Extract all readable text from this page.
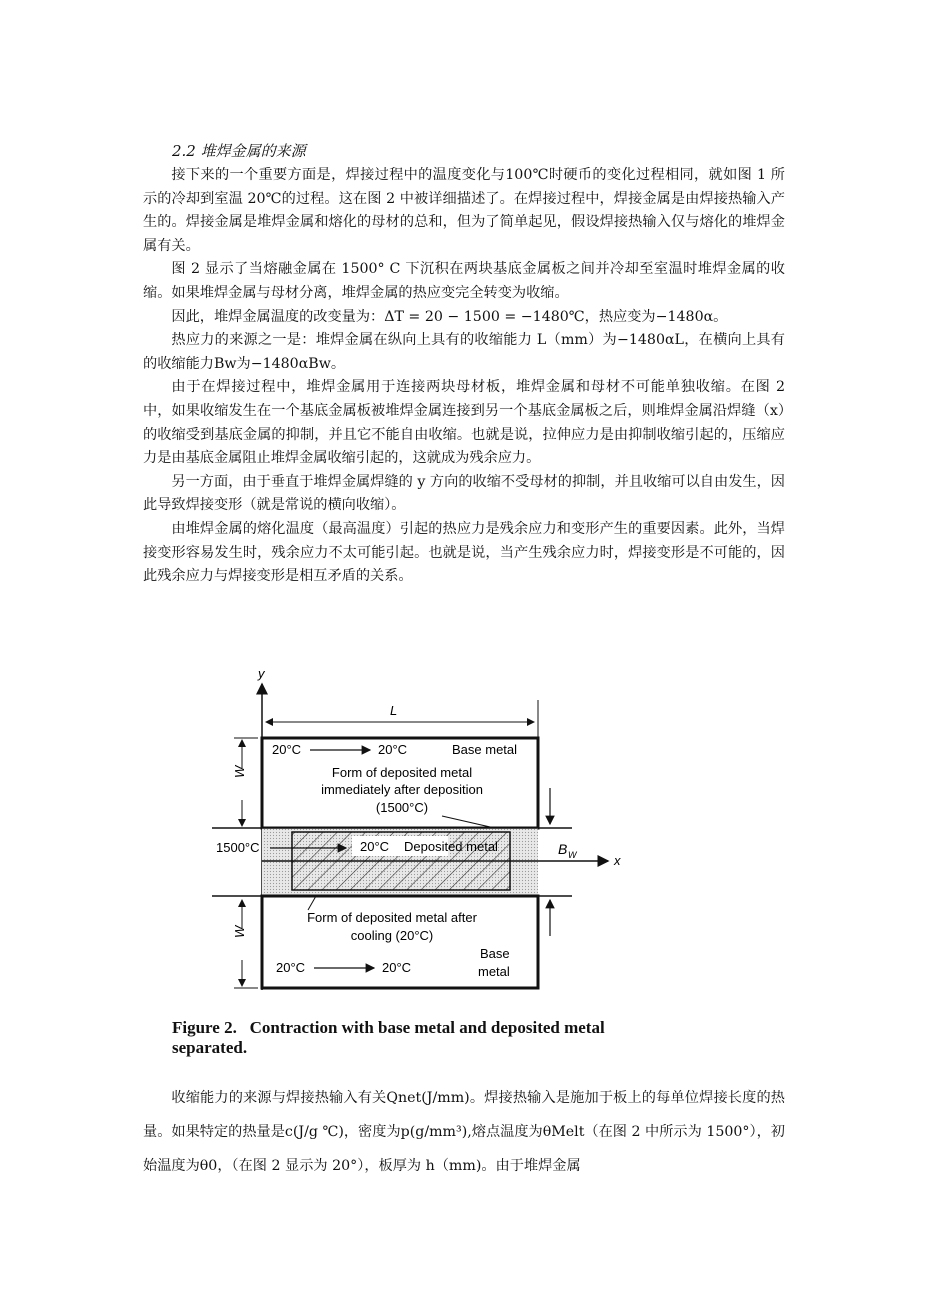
2.2 堆焊金属的来源

接下来的一个重要方面是，焊接过程中的温度变化与100℃时硬币的变化过程相同，就如图 1 所示的冷却到室温 20℃的过程。这在图 2 中被详细描述了。在焊接过程中，焊接金属是由焊接热输入产生的。焊接金属是堆焊金属和熔化的母材的总和，但为了简单起见，假设焊接热输入仅与熔化的堆焊金属有关。

图 2 显示了当熔融金属在 1500° C 下沉积在两块基底金属板之间并冷却至室温时堆焊金属的收缩。如果堆焊金属与母材分离，堆焊金属的热应变完全转变为收缩。

因此，堆焊金属温度的改变量为：ΔT = 20 − 1500 = −1480℃，热应变为−1480α。

热应力的来源之一是：堆焊金属在纵向上具有的收缩能力 L（mm）为−1480αL，在横向上具有的收缩能力Bw为−1480αBw。

由于在焊接过程中，堆焊金属用于连接两块母材板，堆焊金属和母材不可能单独收缩。在图 2 中，如果收缩发生在一个基底金属板被堆焊金属连接到另一个基底金属板之后，则堆焊金属沿焊缝（x）的收缩受到基底金属的抑制，并且它不能自由收缩。也就是说，拉伸应力是由抑制收缩引起的，压缩应力是由基底金属阻止堆焊金属收缩引起的，这就成为残余应力。

另一方面，由于垂直于堆焊金属焊缝的 y 方向的收缩不受母材的抑制，并且收缩可以自由发生，因此导致焊接变形（就是常说的横向收缩）。

由堆焊金属的熔化温度（最高温度）引起的热应力是残余应力和变形产生的重要因素。此外，当焊接变形容易发生时，残余应力不太可能引起。也就是说，当产生残余应力时，焊接变形是不可能的，因此残余应力与焊接变形是相互矛盾的关系。

y
L
20°C	20°C	Base metal
Form of deposited metal
immediately after deposition
(1500°C)
W
20°C Deposited metal
1500°C
x
B W
Form of deposited metal after
cooling (20°C)
20°C	20°C
Base
metal
W
Figure 2.   Contraction with base metal and deposited metal
separated.

收缩能力的来源与焊接热输入有关Qnet(J/mm)。焊接热输入是施加于板上的每单位焊接长度的热量。如果特定的热量是c(J/g ℃)，密度为p(g/mm³),熔点温度为θMelt（在图 2 中所示为 1500°），初始温度为θ0，（在图 2 显示为 20°），板厚为 h（mm)。由于堆焊金属
